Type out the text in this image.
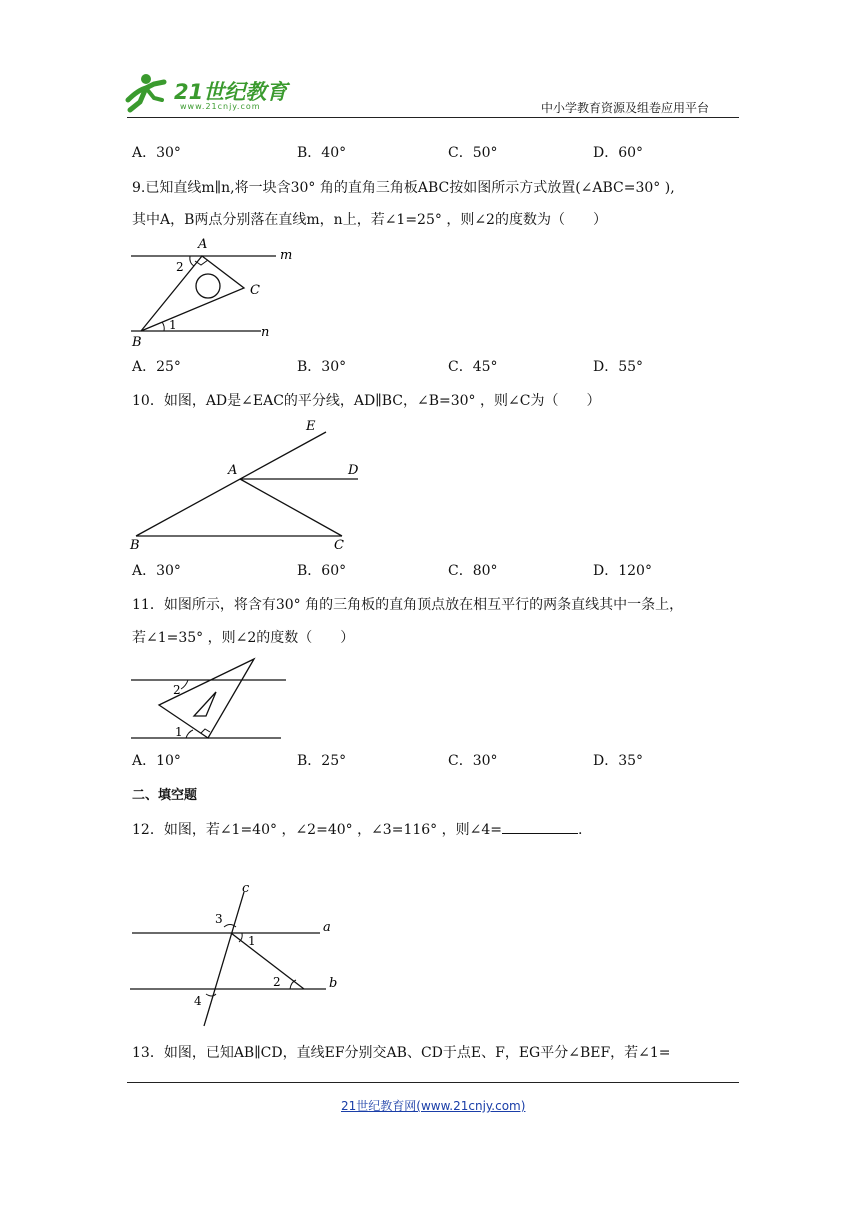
21世纪教育
www.21cnjy.com	中小学教育资源及组卷应用平台
A．30°	B．40°	C．50°	D．60°
9.已知直线m∥n,将一块含30° 角的直角三角板ABC按如图所示方式放置(∠ABC=30° ),
其中A，B两点分别落在直线m，n上，若∠1=25° ，则∠2的度数为（　　）
A
B
C
m
n
1
2
A．25°	B．30°	C．45°	D．55°
10．如图，AD是∠EAC的平分线，AD∥BC，∠B=30° ，则∠C为（　　）
A
B	C
D
E
A．30°	B．60°	C．80°	D．120°
11．如图所示，将含有30° 角的三角板的直角顶点放在相互平行的两条直线其中一条上，
若∠1=35° ，则∠2的度数（　　）
1
2
A．10°	B．25°	C．30°	D．35°
二、填空题
12．如图，若∠1=40° ，∠2=40° ，∠3=116° ，则∠4=	.
c
a
b
1
2
3
4
13．如图，已知AB∥CD，直线EF分别交AB、CD于点E、F，EG平分∠BEF，若∠1=
21世纪教育网(www.21cnjy.com)
